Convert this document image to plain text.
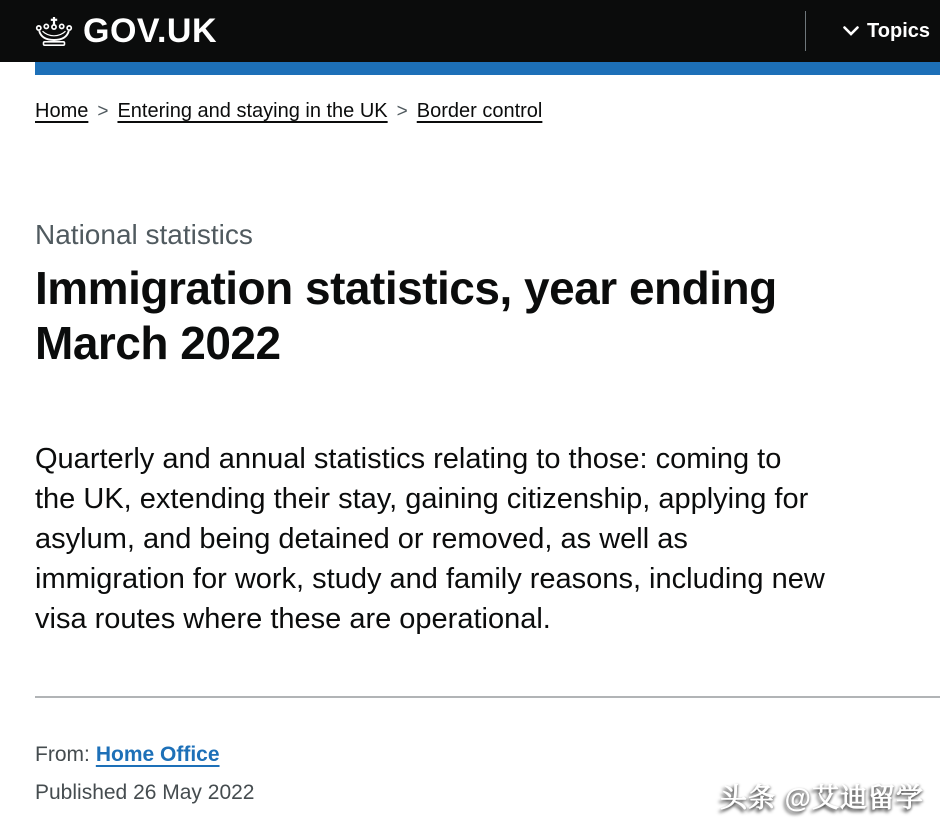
GOV.UK	Topics
Home > Entering and staying in the UK > Border control

National statistics

Immigration statistics, year ending March 2022

Quarterly and annual statistics relating to those: coming to the UK, extending their stay, gaining citizenship, applying for asylum, and being detained or removed, as well as immigration for work, study and family reasons, including new visa routes where these are operational.

From: Home Office

Published 26 May 2022	头条 @艾迪留学
